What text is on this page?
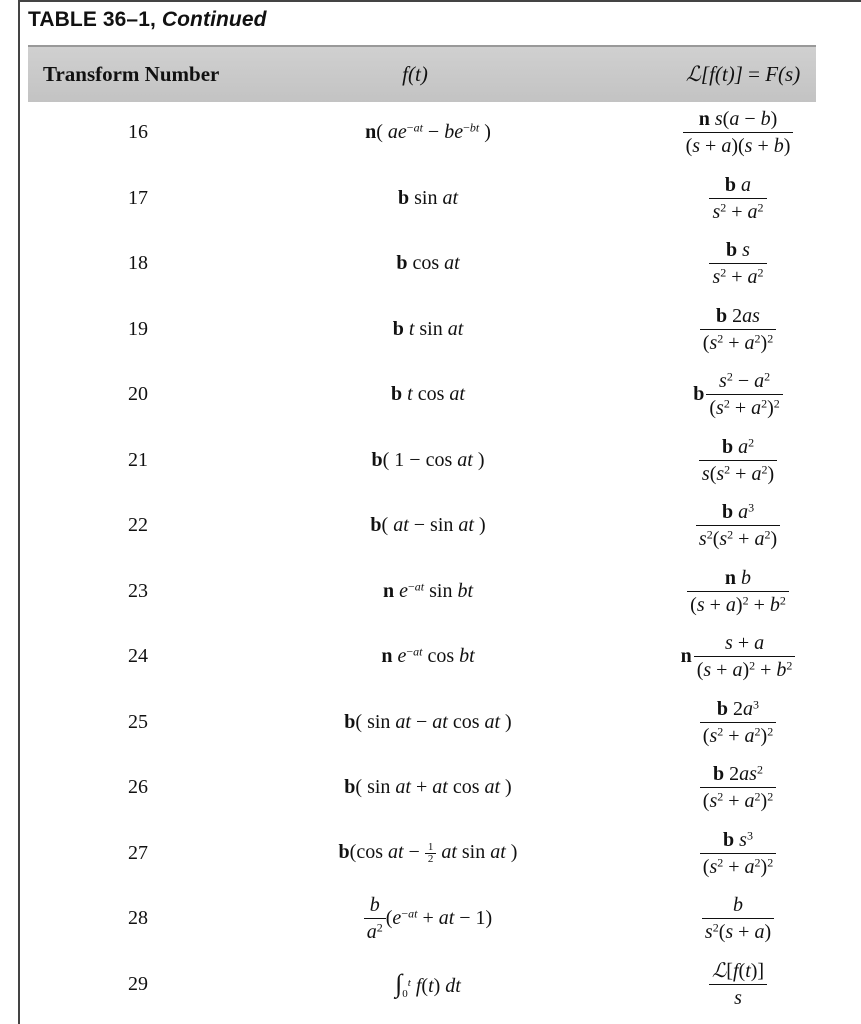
TABLE 36–1, Continued
Transform Number	f(t)	ℒ[f(t)] = F(s)
16	n( $ae^{-at} - be^{-bt}$ )	$\frac{\text{n s(a − b)}}{(s + a)(s + b)}$
17	b sin at	$\frac{\text{b a}}{s^2 + a^2}$
18	b cos at	$\frac{\text{b s}}{s^2 + a^2}$
19	b t sin at	$\frac{b 2as}{(s^2 + a^2)^2}$
20	b t cos at	b $\frac{s^2 - a^2}{(s^2 + a^2)^2}$
21	b( 1 − cos at )	$\frac{b a^2}{s(s^2 + a^2)}$
22	b( at − sin at )	$\frac{b a^3}{s^2(s^2 + a^2)}$
23	n $e^{-at}$ sin bt	$\frac{\text{n b}}{(s + a)^2 + b^2}$
24	n $e^{-at}$ cos bt	n $\frac{s + a}{(s + a)^2 + b^2}$
25	b( sin at − at cos at )	$\frac{b 2a^3}{(s^2 + a^2)^2}$
26	b( sin at + at cos at )	$\frac{b 2as^2}{(s^2 + a^2)^2}$
27	b(cos at − $\frac{1}{2}$ at sin at )	$\frac{b s^3}{(s^2 + a^2)^2}$
28	$\frac{b}{a^2} (e^{-at}$ + at − 1)	$\frac{b}{s^2(s + a)}$
29	$\int_0^t$ f(t) dt	$\frac{\text{ℒ[f(t)]}}{s}$
